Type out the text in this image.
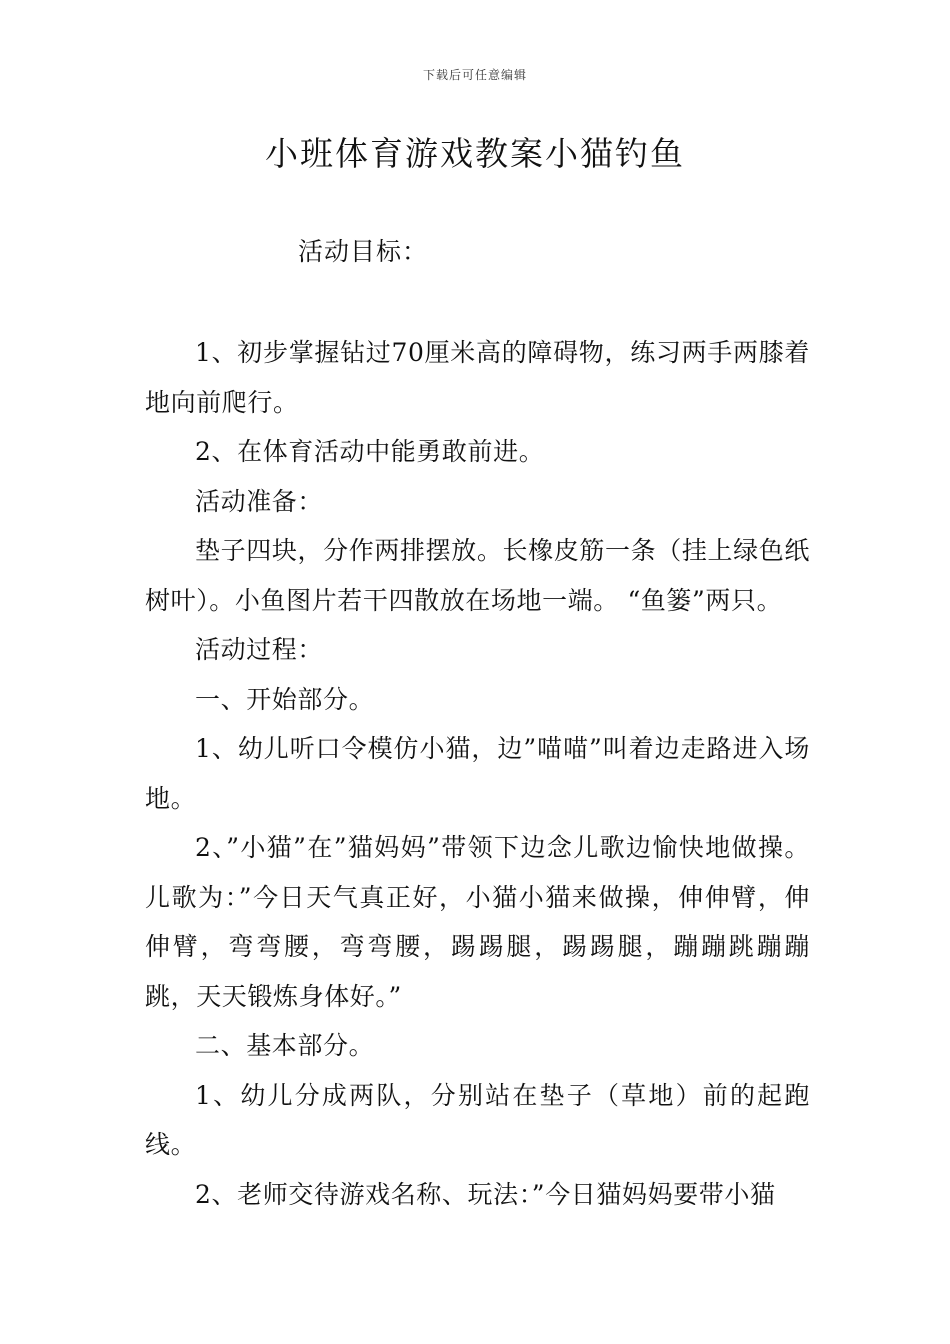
下载后可任意编辑
小班体育游戏教案小猫钓鱼
活动目标：

1、初步掌握钻过70厘米高的障碍物，练习两手两膝着地向前爬行。

2、在体育活动中能勇敢前进。

活动准备：

垫子四块，分作两排摆放。长橡皮筋一条（挂上绿色纸树叶）。小鱼图片若干四散放在场地一端。 “鱼篓”两只。

活动过程：

一、开始部分。

1、幼儿听口令模仿小猫，边”喵喵”叫着边走路进入场地。

2、”小猫”在”猫妈妈”带领下边念儿歌边愉快地做操。儿歌为：”今日天气真正好，小猫小猫来做操，伸伸臂，伸伸臂，弯弯腰，弯弯腰，踢踢腿，踢踢腿，蹦蹦跳蹦蹦跳，天天锻炼身体好。”

二、基本部分。

1、幼儿分成两队，分别站在垫子（草地）前的起跑线。

2、老师交待游戏名称、玩法：”今日猫妈妈要带小猫
